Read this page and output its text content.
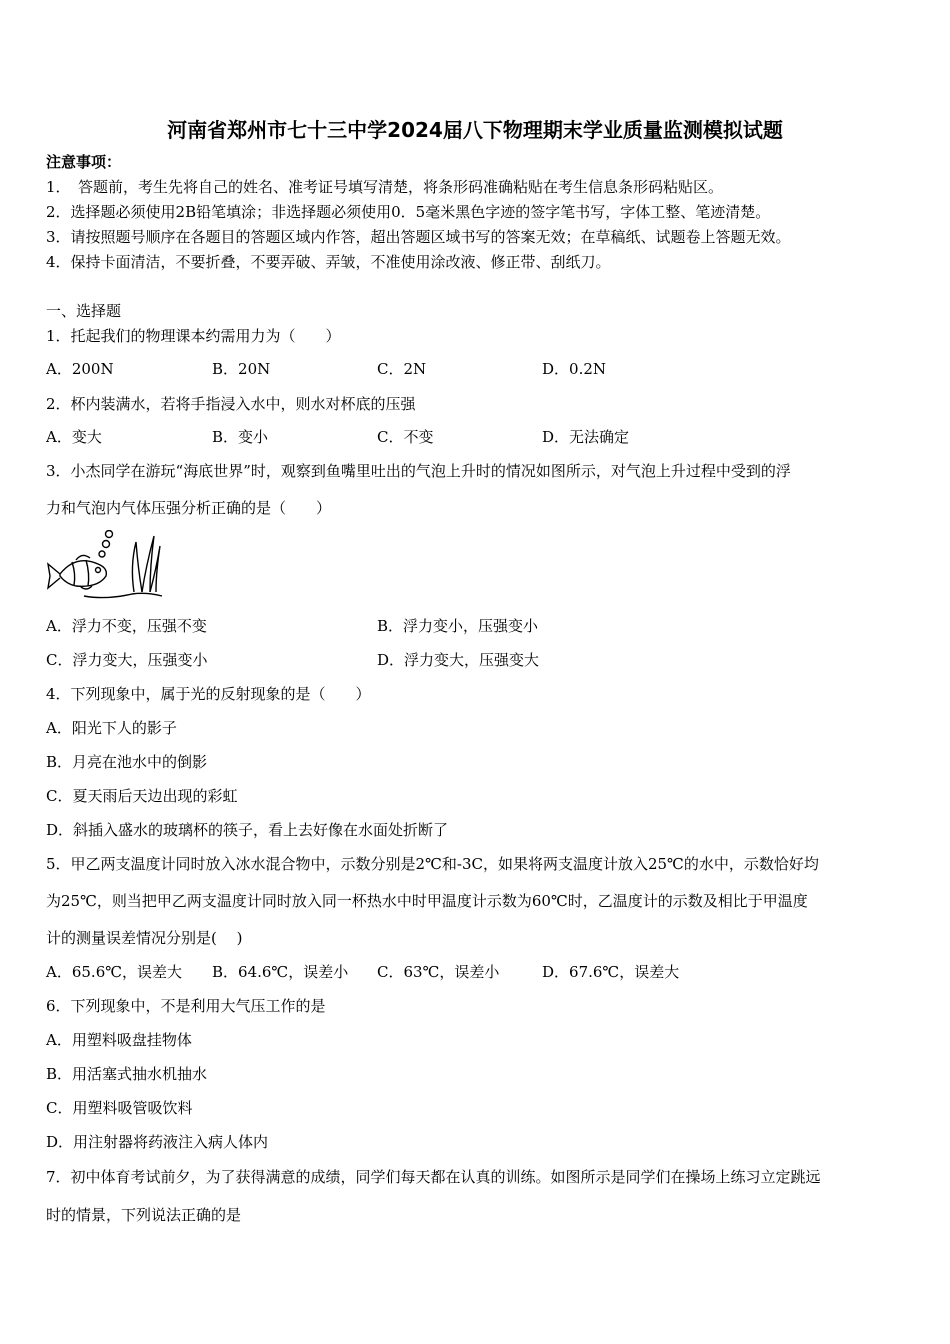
河南省郑州市七十三中学2024届八下物理期末学业质量监测模拟试题
注意事项：
1．　答题前，考生先将自己的姓名、准考证号填写清楚，将条形码准确粘贴在考生信息条形码粘贴区。
2．选择题必须使用2B铅笔填涂；非选择题必须使用0．5毫米黑色字迹的签字笔书写，字体工整、笔迹清楚。
3．请按照题号顺序在各题目的答题区域内作答，超出答题区域书写的答案无效；在草稿纸、试题卷上答题无效。
4．保持卡面清洁，不要折叠，不要弄破、弄皱，不准使用涂改液、修正带、刮纸刀。
一、选择题
1．托起我们的物理课本约需用力为（　　）
A．200N	B．20N	C．2N	D．0.2N
2．杯内装满水，若将手指浸入水中，则水对杯底的压强
A．变大	B．变小	C．不变	D．无法确定
3．小杰同学在游玩“海底世界”时，观察到鱼嘴里吐出的气泡上升时的情况如图所示，对气泡上升过程中受到的浮
力和气泡内气体压强分析正确的是（　　）
A．浮力不变，压强不变	B．浮力变小，压强变小
C．浮力变大，压强变小	D．浮力变大，压强变大
4．下列现象中，属于光的反射现象的是（　　）
A．阳光下人的影子
B．月亮在池水中的倒影
C．夏天雨后天边出现的彩虹
D．斜插入盛水的玻璃杯的筷子，看上去好像在水面处折断了
5．甲乙两支温度计同时放入冰水混合物中，示数分别是2℃和-3C，如果将两支温度计放入25℃的水中，示数恰好均
为25℃，则当把甲乙两支温度计同时放入同一杯热水中时甲温度计示数为60℃时，乙温度计的示数及相比于甲温度
计的测量误差情况分别是(　 )
A．65.6℃，误差大 B．64.6℃，误差小 C．63℃，误差小	D．67.6℃，误差大
6．下列现象中，不是利用大气压工作的是
A．用塑料吸盘挂物体
B．用活塞式抽水机抽水
C．用塑料吸管吸饮料
D．用注射器将药液注入病人体内
7．初中体育考试前夕，为了获得满意的成绩，同学们每天都在认真的训练。如图所示是同学们在操场上练习立定跳远
时的情景，下列说法正确的是
